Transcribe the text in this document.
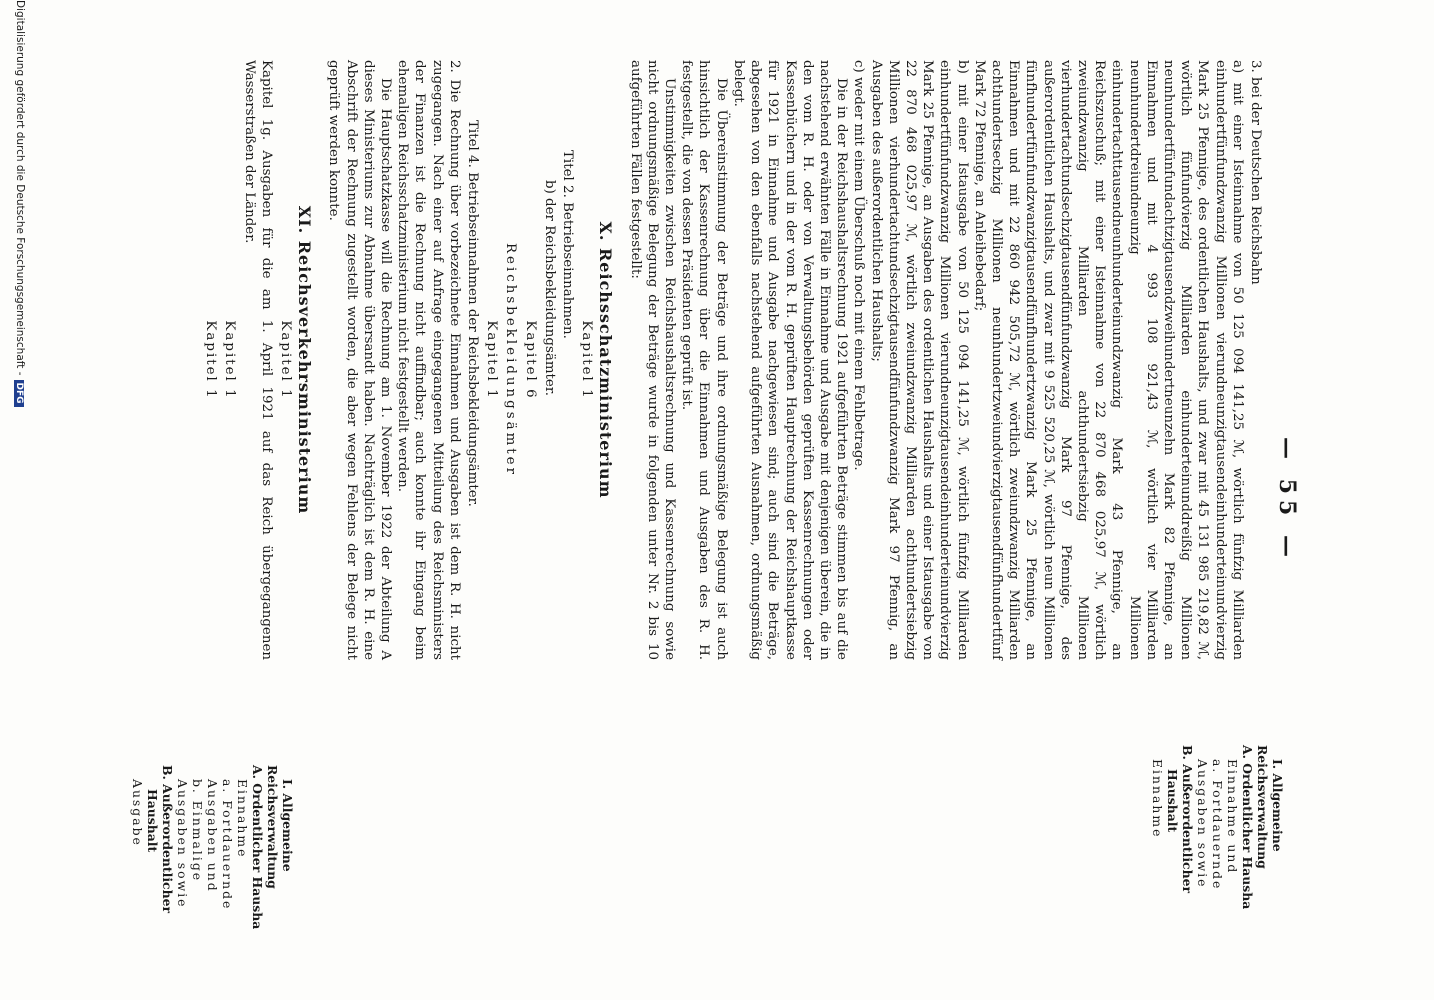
— 55 —
3. bei der Deutschen Reichsbahn

a) mit einer Isteinnahme von 50 125 094 141,25 ℳ, wörtlich fünfzig Milliarden einhundertfünfundzwanzig Millionen vierundneunzigtausendeinhunderteinundvierzig Mark 25 Pfennige, des ordentlichen Haushalts, und zwar mit 45 131 985 219,82 ℳ, wörtlich fünfundvierzig Milliarden einhunderteinunddreißig Millionen neunhundertfünfundachtzigtausendzweihundertneunzehn Mark 82 Pfennige, an Einnahmen und mit 4 993 108 921,43 ℳ, wörtlich vier Milliarden neunhundertdreiundneunzig Millionen einhundertachttausendneunhunderteinundzwanzig Mark 43 Pfennige, an Reichszuschuß; mit einer Isteinnahme von 22 870 468 025,97 ℳ, wörtlich zweiundzwanzig Milliarden achthundertsiebzig Millionen vierhundertachtundsechzigtausendfünfundzwanzig Mark 97 Pfennige, des außerordentlichen Haushalts, und zwar mit 9 525 520,25 ℳ, wörtlich neun Millionen fünfhundertfünfundzwanzigtausendfünfhundertzwanzig Mark 25 Pfennige, an Einnahmen und mit 22 860 942 505,72 ℳ, wörtlich zweiundzwanzig Milliarden achthundertsechzig Millionen neunhundertzweiundvierzigtausendfünfhundertfünf Mark 72 Pfennige, an Anleihebedarf;

b) mit einer Istausgabe von 50 125 094 141,25 ℳ, wörtlich fünfzig Milliarden einhundertfünfundzwanzig Millionen vierundneunzigtausendeinhunderteinundvierzig Mark 25 Pfennige, an Ausgaben des ordentlichen Haushalts und einer Istausgabe von 22 870 468 025,97 ℳ, wörtlich zweiundzwanzig Milliarden achthundertsiebzig Millionen vierhundertachtundsechzigtausendfünfundzwanzig Mark 97 Pfennig, an Ausgaben des außerordentlichen Haushalts;

c) weder mit einem Überschuß noch mit einem Fehlbetrage.

Die in der Reichshaushaltsrechnung 1921 aufgeführten Beträge stimmen bis auf die nachstehend erwähnten Fälle in Einnahme und Ausgabe mit denjenigen überein, die in den vom R. H. oder von Verwaltungsbehörden geprüften Kassenrechnungen oder Kassenbüchern und in der vom R. H. geprüften Hauptrechnung der Reichshauptkasse für 1921 in Einnahme und Ausgabe nachgewiesen sind; auch sind die Beträge, abgesehen von den ebenfalls nachstehend aufgeführten Ausnahmen, ordnungsmäßig belegt.

Die Übereinstimmung der Beträge und ihre ordnungsmäßige Belegung ist auch hinsichtlich der Kassenrechnung über die Einnahmen und Ausgaben des R. H. festgestellt, die von dessen Präsidenten geprüft ist.

Unstimmigkeiten zwischen Reichshaushaltsrechnung und Kassenrechnung sowie nicht ordnungsmäßige Belegung der Beträge wurde in folgenden unter Nr. 2 bis 10 aufgeführten Fällen festgestellt:

X. Reichsschatzministerium
Kapitel 1
Titel 2. Betriebseinnahmen.
b) der Reichsbekleidungsämter.
Kapitel 6
Reichsbekleidungsämter
Kapitel 1
Titel 4. Betriebseinnahmen der Reichsbekleidungsämter.

2. Die Rechnung über vorbezeichnete Einnahmen und Ausgaben ist dem R. H. nicht zugegangen. Nach einer auf Anfrage eingegangenen Mitteilung des Reichsministers der Finanzen ist die Rechnung nicht auffindbar; auch konnte ihr Eingang beim ehemaligen Reichsschatzministerium nicht festgestellt werden.

Die Hauptschatzkasse will die Rechnung am 1. November 1922 der Abteilung A dieses Ministeriums zur Abnahme übersandt haben. Nachträglich ist dem R. H. eine Abschrift der Rechnung zugestellt worden, die aber wegen Fehlens der Belege nicht geprüft werden konnte.

XI. Reichsverkehrsministerium
Kapitel 1

Kapitel 1g. Ausgaben für die am 1. April 1921 auf das Reich übergegangenen Wasserstraßen der Länder.

Kapitel 1
Kapitel 1
I. Allgemeine
Reichsverwaltung
A. Ordentlicher Hausha
Einnahme und
a. Fortdauernde
Ausgaben sowie
B. Außerordentlicher
Haushalt
Einnahme
I. Allgemeine
Reichsverwaltung
A. Ordentlicher Hausha
Einnahme
a. Fortdauernde
Ausgaben und
b. Einmalige
Ausgaben sowie
B. Außerordentlicher
Haushalt
Ausgabe
Digitalisierung gefördert durch die Deutsche Forschungsgemeinschaft -DFG
